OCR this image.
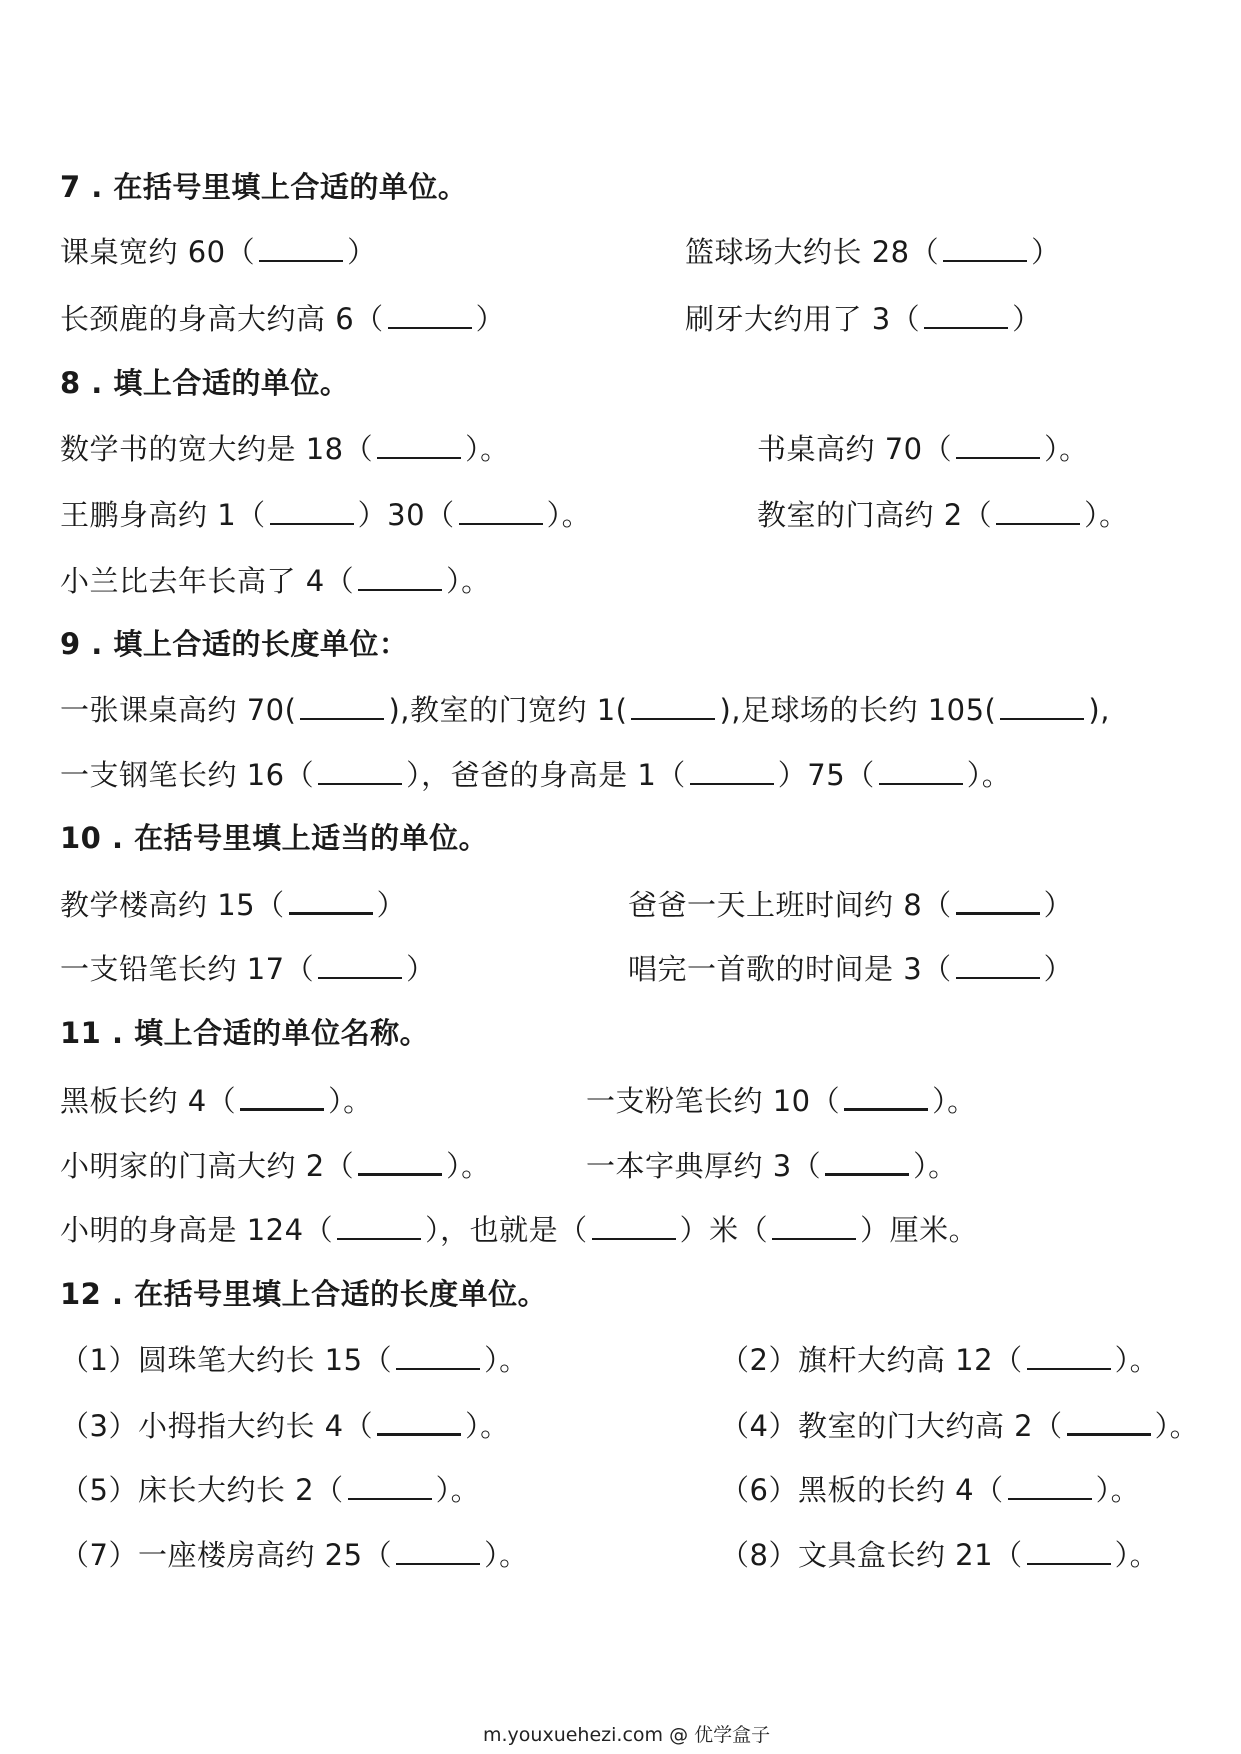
7 . 在括号里填上合适的单位。
课桌宽约 60（	）	篮球场大约长 28（	）
长颈鹿的身高大约高 6（	）	刷牙大约用了 3（	）
8 . 填上合适的单位。
数学书的宽大约是 18（	）。	书桌高约 70（	）。
王鹏身高约 1（	）30（	）。	教室的门高约 2（	）。
小兰比去年长高了 4（	）。
9 . 填上合适的长度单位：
一张课桌高约 70(	),教室的门宽约 1(	),足球场的长约 105(	),
一支钢笔长约 16（	），爸爸的身高是 1（	）75（	）。
10 . 在括号里填上适当的单位。
教学楼高约 15（	）	爸爸一天上班时间约 8（	）
一支铅笔长约 17（	）	唱完一首歌的时间是 3（	）
11 . 填上合适的单位名称。
黑板长约 4（	）。	一支粉笔长约 10（	）。
小明家的门高大约 2（	）。	一本字典厚约 3（	）。
小明的身高是 124（	），也就是（	）米（	）厘米。
12 . 在括号里填上合适的长度单位。
（1）圆珠笔大约长 15（	）。	（2）旗杆大约高 12（	）。
（3）小拇指大约长 4（	）。	（4）教室的门大约高 2（	）。
（5）床长大约长 2（	）。	（6）黑板的长约 4（	）。
（7）一座楼房高约 25（	）。	（8）文具盒长约 21（	）。
m.youxuehezi.com @ 优学盒子
